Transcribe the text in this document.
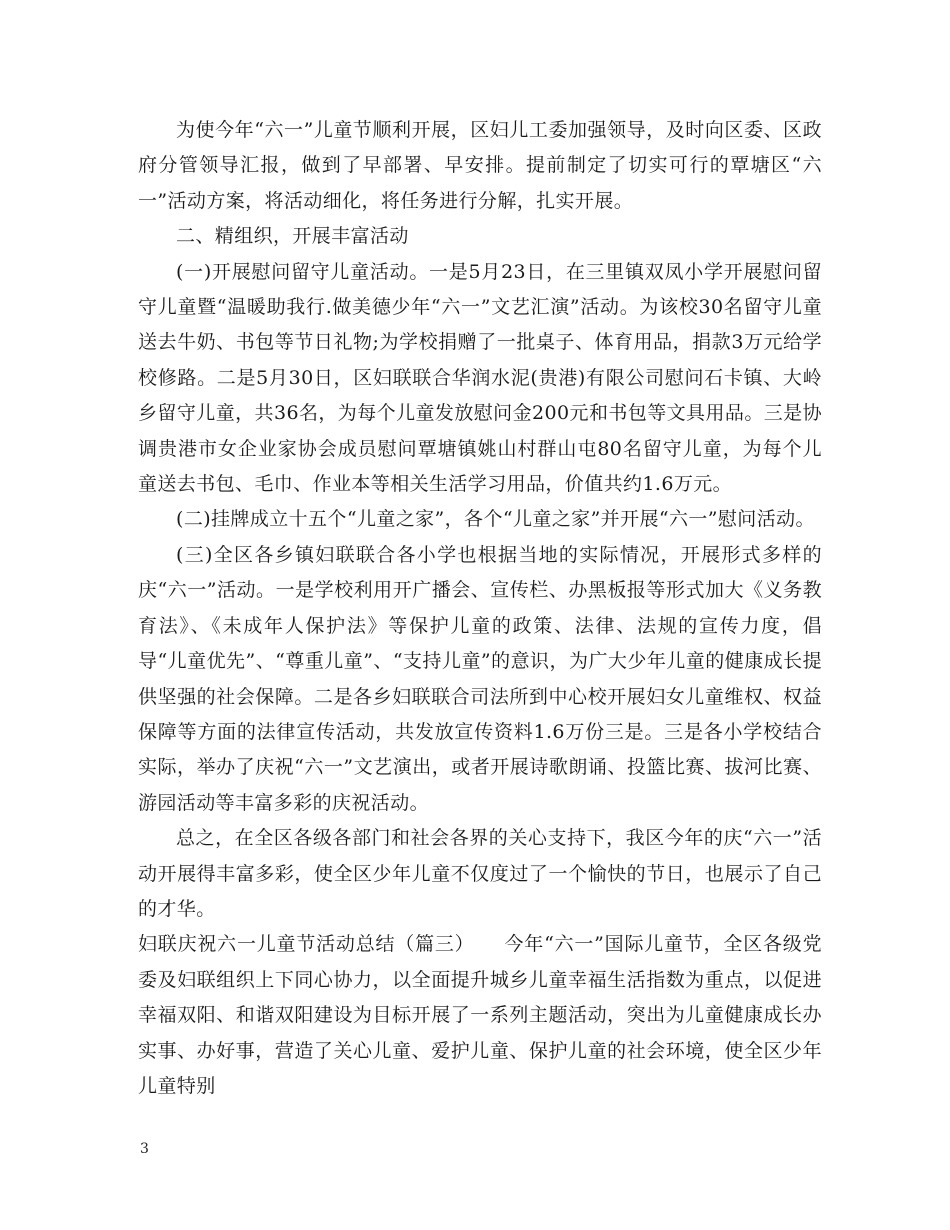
为使今年“六一”儿童节顺利开展，区妇儿工委加强领导，及时向区委、区政府分管领导汇报，做到了早部署、早安排。提前制定了切实可行的覃塘区“六一”活动方案，将活动细化，将任务进行分解，扎实开展。

二、精组织，开展丰富活动

(一)开展慰问留守儿童活动。一是5月23日，在三里镇双凤小学开展慰问留守儿童暨“温暖助我行.做美德少年“六一”文艺汇演”活动。为该校30名留守儿童送去牛奶、书包等节日礼物;为学校捐赠了一批桌子、体育用品，捐款3万元给学校修路。二是5月30日，区妇联联合华润水泥(贵港)有限公司慰问石卡镇、大岭乡留守儿童，共36名，为每个儿童发放慰问金200元和书包等文具用品。三是协调贵港市女企业家协会成员慰问覃塘镇姚山村群山屯80名留守儿童，为每个儿童送去书包、毛巾、作业本等相关生活学习用品，价值共约1.6万元。

(二)挂牌成立十五个“儿童之家”，各个“儿童之家”并开展“六一”慰问活动。

(三)全区各乡镇妇联联合各小学也根据当地的实际情况，开展形式多样的庆“六一”活动。一是学校利用开广播会、宣传栏、办黑板报等形式加大《义务教育法》、《未成年人保护法》等保护儿童的政策、法律、法规的宣传力度，倡导“儿童优先”、“尊重儿童”、“支持儿童”的意识，为广大少年儿童的健康成长提供坚强的社会保障。二是各乡妇联联合司法所到中心校开展妇女儿童维权、权益保障等方面的法律宣传活动，共发放宣传资料1.6万份三是。三是各小学校结合实际，举办了庆祝“六一”文艺演出，或者开展诗歌朗诵、投篮比赛、拔河比赛、游园活动等丰富多彩的庆祝活动。

总之，在全区各级各部门和社会各界的关心支持下，我区今年的庆“六一”活动开展得丰富多彩，使全区少年儿童不仅度过了一个愉快的节日，也展示了自己的才华。

妇联庆祝六一儿童节活动总结（篇三）　　今年“六一”国际儿童节，全区各级党委及妇联组织上下同心协力，以全面提升城乡儿童幸福生活指数为重点，以促进幸福双阳、和谐双阳建设为目标开展了一系列主题活动，突出为儿童健康成长办实事、办好事，营造了关心儿童、爱护儿童、保护儿童的社会环境，使全区少年儿童特别

3
